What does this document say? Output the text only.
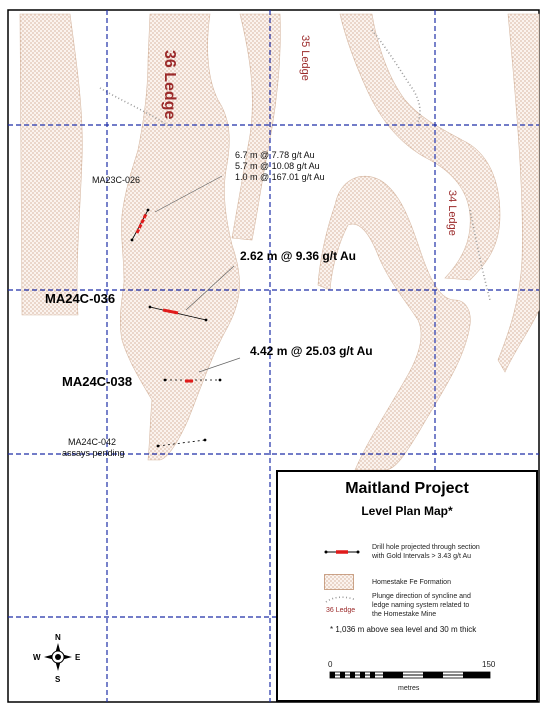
36 Ledge	35 Ledge
34 Ledge
MA23C-026
6.7 m @ 7.78 g/t Au
5.7 m @ 10.08 g/t Au
1.0 m @ 167.01 g/t Au
MA24C-036
2.62 m @ 9.36 g/t Au
MA24C-038
4.42 m @ 25.03 g/t Au
MA24C-042
assays pending
N
S
E
W
Maitland Project
Level Plan Map*
Drill hole projected through section
with Gold Intervals > 3.43 g/t Au
Homestake Fe Formation
36 Ledge
Plunge direction of syncline and
ledge naming system related to
the Homestake Mine
* 1,036 m above sea level and 30 m thick
0	150
metres
